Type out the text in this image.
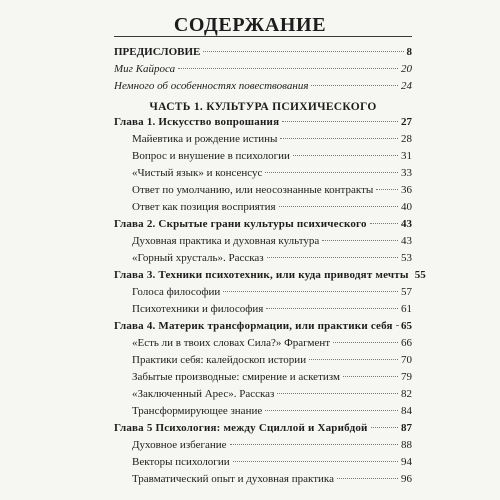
СОДЕРЖАНИЕ
ПРЕДИСЛОВИЕ	8
Миг Кайроса	20
Немного об особенностях повествования	24
ЧАСТЬ 1. КУЛЬТУРА ПСИХИЧЕСКОГО
Глава 1. Искусство вопрошания	27
Майевтика и рождение истины	28
Вопрос и внушение в психологии	31
«Чистый язык» и консенсус	33
Ответ по умолчанию, или неосознанные контракты	36
Ответ как позиция восприятия	40
Глава 2. Скрытые грани культуры психического	43
Духовная практика и духовная культура	43
«Горный хрусталь». Рассказ	53
Глава 3. Техники психотехник, или куда приводят мечты 55
Голоса философии	57
Психотехники и философия	61
Глава 4. Материк трансформации, или практики себя 65
«Есть ли в твоих словах Сила?» Фрагмент	66
Практики себя: калейдоскоп истории	70
Забытые производные: смирение и аскетизм	79
«Заключенный Арес». Рассказ	82
Трансформирующее знание	84
Глава 5 Психология: между Сциллой и Харибдой	87
Духовное избегание	88
Векторы психологии	94
Травматический опыт и духовная практика	96
